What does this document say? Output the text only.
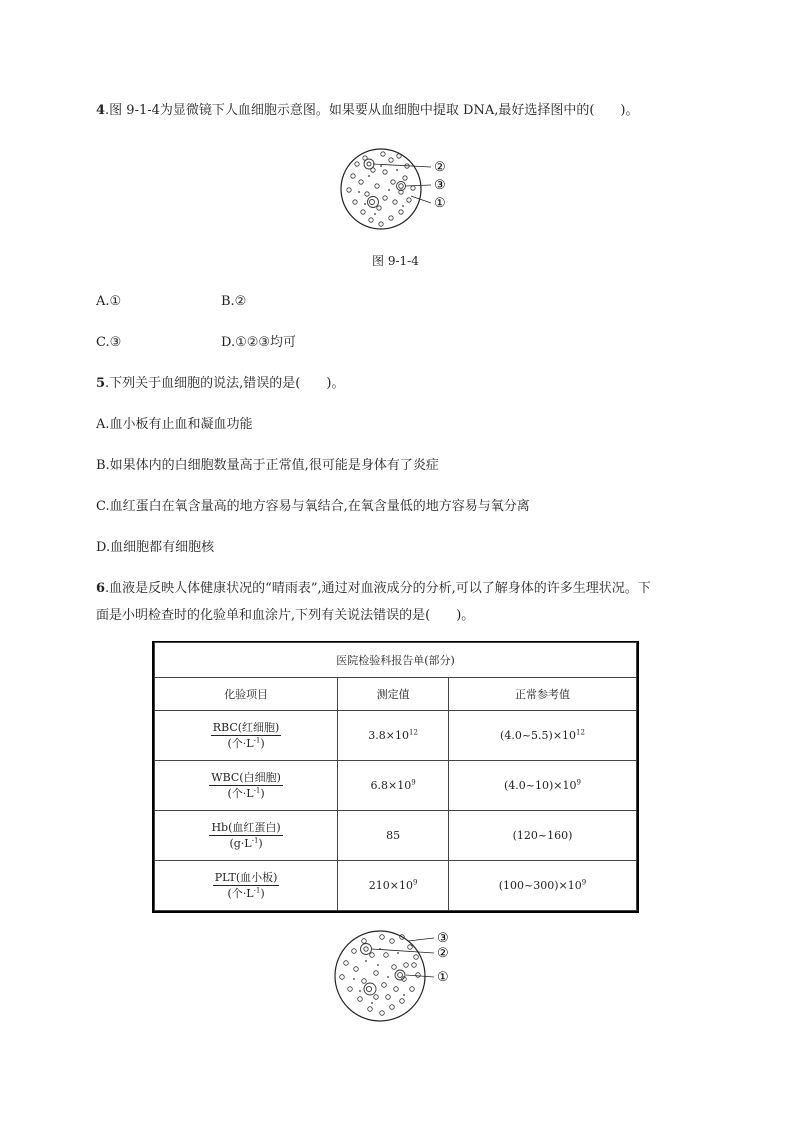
4.图 9-1-4为显微镜下人血细胞示意图。如果要从血细胞中提取 DNA,最好选择图中的(　　)。
②
③
①
图 9-1-4
A.①	B.②
C.③	D.①②③均可
5.下列关于血细胞的说法,错误的是(　　)。
A.血小板有止血和凝血功能
B.如果体内的白细胞数量高于正常值,很可能是身体有了炎症
C.血红蛋白在氧含量高的地方容易与氧结合,在氧含量低的地方容易与氧分离
D.血细胞都有细胞核
6.血液是反映人体健康状况的“晴雨表”,通过对血液成分的分析,可以了解身体的许多生理状况。下
面是小明检查时的化验单和血涂片,下列有关说法错误的是(　　)。
医院检验科报告单(部分)		
化验项目	测定值	正常参考值

$\frac{\text{RBC(红细胞)}}{(个\cdot L^{-1})}$	$3.8\times 10^{12}$	$(4.0\sim 5.5)\times 10^{12}$

$\frac{\text{WBC(白细胞)}}{(个\cdot L^{-1})}$	$6.8\times 10^9$	$(4.0\sim 10)\times 10^9$

$\frac{\text{Hb(血红蛋白)}}{(g\cdot L^{-1})}$	85	(120~160)

$\frac{\text{PLT(血小板)}}{(个\cdot L^{-1})}$	$210\times 10^9$	$(100\sim 300)\times 10^9$
③
②
①
